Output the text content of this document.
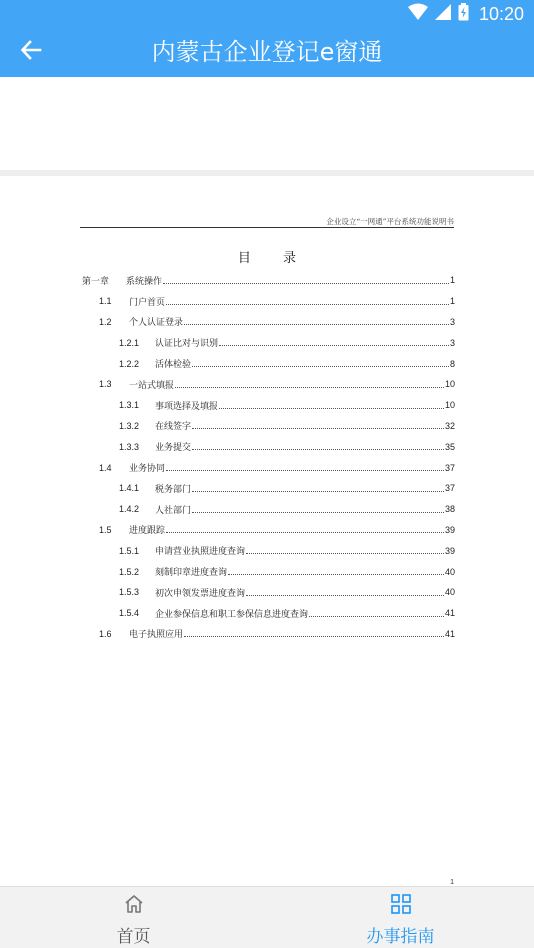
10:20
内蒙古企业登记e窗通
企业设立“一网通”平台系统功能说明书
目 录
第一章	系统操作	1
1.1	门户首页	1
1.2	个人认证登录	3
1.2.1	认证比对与识别	3
1.2.2	活体检验	8
1.3	一站式填报	10
1.3.1	事项选择及填报	10
1.3.2	在线签字	32
1.3.3	业务提交	35
1.4	业务协同	37
1.4.1	税务部门	37
1.4.2	人社部门	38
1.5	进度跟踪	39
1.5.1	申请营业执照进度查询	39
1.5.2	刻制印章进度查询	40
1.5.3	初次申领发票进度查询	40
1.5.4	企业参保信息和职工参保信息进度查询	41
1.6	电子执照应用	41
1
首页	办事指南
